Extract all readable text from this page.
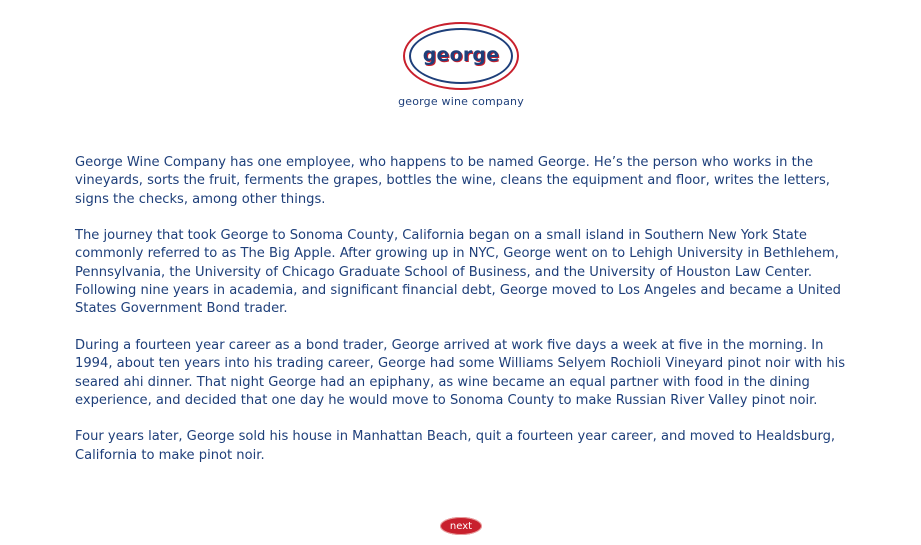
george
george wine company

George Wine Company has one employee, who happens to be named George. He’s the person who works in the vineyards, sorts the fruit, ferments the grapes, bottles the wine, cleans the equipment and floor, writes the letters, signs the checks, among other things.

The journey that took George to Sonoma County, California began on a small island in Southern New York State commonly referred to as The Big Apple. After growing up in NYC, George went on to Lehigh University in Bethlehem, Pennsylvania, the University of Chicago Graduate School of Business, and the University of Houston Law Center. Following nine years in academia, and significant financial debt, George moved to Los Angeles and became a United States Government Bond trader.

During a fourteen year career as a bond trader, George arrived at work five days a week at five in the morning. In 1994, about ten years into his trading career, George had some Williams Selyem Rochioli Vineyard pinot noir with his seared ahi dinner. That night George had an epiphany, as wine became an equal partner with food in the dining experience, and decided that one day he would move to Sonoma County to make Russian River Valley pinot noir.

Four years later, George sold his house in Manhattan Beach, quit a fourteen year career, and moved to Healdsburg, California to make pinot noir.

next
